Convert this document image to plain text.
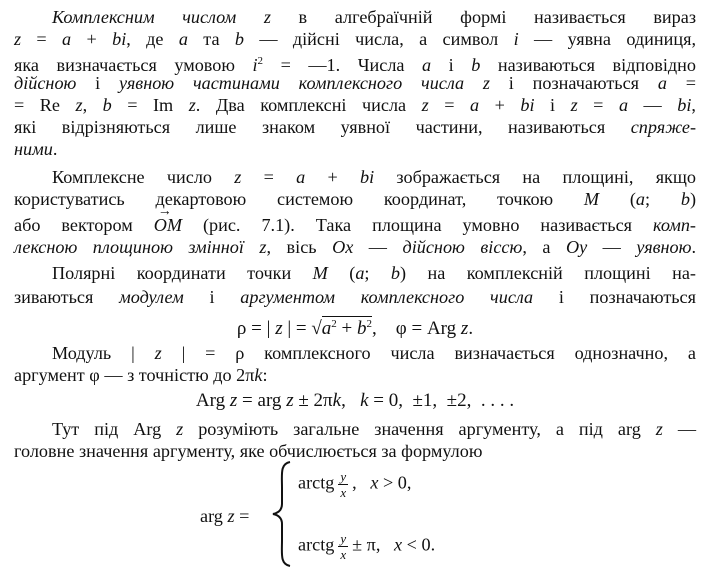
Комплексним числом z в алгебраїчній формі називається вираз
z = a + bi, де a та b — дійсні числа, а символ i — уявна одиниця,
яка визначається умовою $i^2$ = —1. Числа a і b називаються відповідно
дійсною і уявною частинами комплексного числа z і позначаються a =
= Re z, b = Im z. Два комплексні числа z = a + bi і z = a — bi,
які відрізняються лише знаком уявної частини, називаються спряже-
ними.
Комплексне число z = a + bi зображається на площині, якщо
користуватись декартовою системою координат, точкою M (a; b)
або вектором → OM (рис. 7.1). Така площина умовно називається комп-
лексною площиною змінної z, вісь Ox — дійсною віссю, а Oy — уявною.
Полярні координати точки M (a; b) на комплексній площині на-
зиваються модулем і аргументом комплексного числа і позначаються
ρ = | z | = $√a^2 + b^2$,    φ = Arg z.
Модуль | z | = ρ комплексного числа визначається однозначно, а
аргумент φ — з точністю до 2πk:
Arg z = arg z ± 2πk,   k = 0,  ±1,  ±2,  . . . .
Тут під Arg z розуміють загальне значення аргументу, а під arg z —
головне значення аргументу, яке обчислюється за формулою
arg z =
arctg $\frac{y}{x}$ ,   x > 0,
arctg $\frac{y}{x} \pm \pi$,   x < 0.
